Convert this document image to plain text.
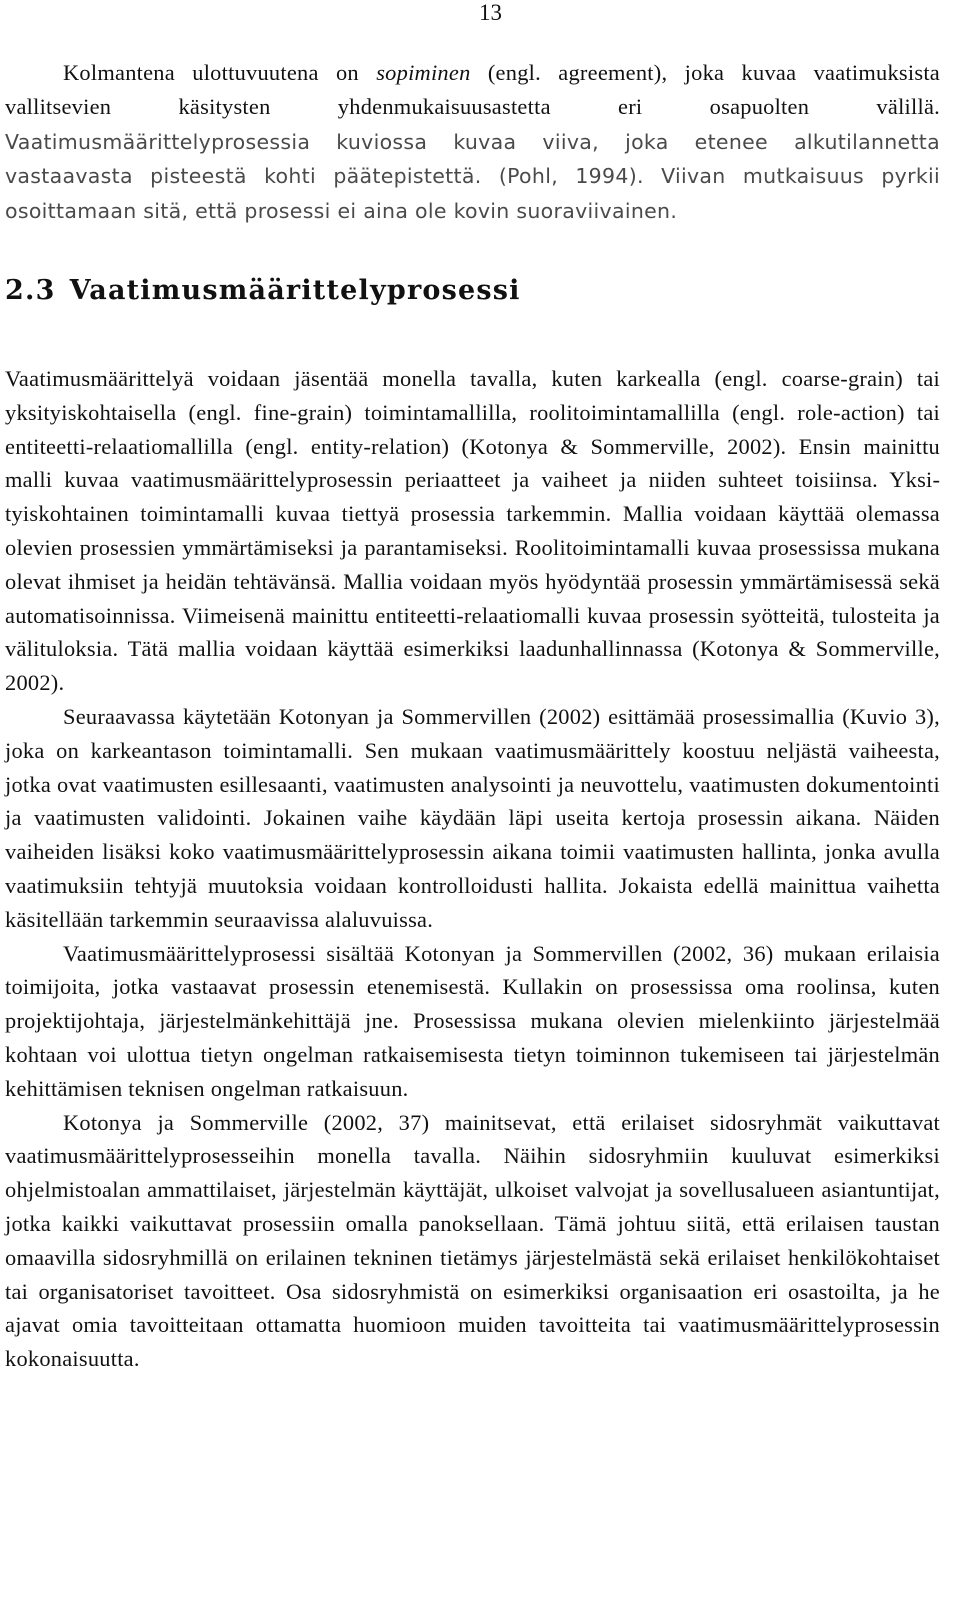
13

Kolmantena ulottuvuutena on sopiminen (engl. agreement), joka kuvaa vaatimuksista vallitsevien käsitysten yhdenmukaisuusastetta eri osapuolten välillä. Vaatimusmäärittelyprosessia kuviossa kuvaa viiva, joka etenee alkutilannetta vastaavasta pisteestä kohti päätepistettä. (Pohl, 1994). Viivan mutkaisuus pyrkii osoittamaan sitä, että prosessi ei aina ole kovin suoraviivainen.

2.3 Vaatimusmäärittelyprosessi

Vaatimusmäärittelyä voidaan jäsentää monella tavalla, kuten karkealla (engl. coarse-grain) tai yksityiskohtaisella (engl. fine-grain) toimintamallilla, roolitoimintamallilla (engl. role-action) tai entiteetti-relaatiomallilla (engl. entity-relation) (Kotonya & Sommerville, 2002). Ensin mainittu malli kuvaa vaatimusmäärittelyprosessin periaatteet ja vaiheet ja niiden suhteet toisiinsa. Yksityiskohtainen toimintamalli kuvaa tiettyä prosessia tarkemmin. Mallia voidaan käyttää olemassa olevien prosessien ymmärtämiseksi ja parantamiseksi. Roolitoimintamalli kuvaa prosessissa mukana olevat ihmiset ja heidän tehtävänsä. Mallia voidaan myös hyödyntää prosessin ymmärtämisessä sekä automatisoinnissa. Viimeisenä mainittu entiteetti-relaatiomalli kuvaa prosessin syötteitä, tulosteita ja välituloksia. Tätä mallia voidaan käyttää esimerkiksi laadunhallinnassa (Kotonya & Sommerville, 2002).

Seuraavassa käytetään Kotonyan ja Sommervillen (2002) esittämää prosessimallia (Kuvio 3), joka on karkeantason toimintamalli. Sen mukaan vaatimusmäärittely koostuu neljästä vaiheesta, jotka ovat vaatimusten esillesaanti, vaatimusten analysointi ja neuvottelu, vaatimusten dokumentointi ja vaatimusten validointi. Jokainen vaihe käydään läpi useita kertoja prosessin aikana. Näiden vaiheiden lisäksi koko vaatimusmäärittelyprosessin aikana toimii vaatimusten hallinta, jonka avulla vaatimuksiin tehtyjä muutoksia voidaan kontrolloidusti hallita. Jokaista edellä mainittua vaihetta käsitellään tarkemmin seuraavissa alaluvuissa.

Vaatimusmäärittelyprosessi sisältää Kotonyan ja Sommervillen (2002, 36) mukaan erilaisia toimijoita, jotka vastaavat prosessin etenemisestä. Kullakin on prosessissa oma roolinsa, kuten projektijohtaja, järjestelmänkehittäjä jne. Prosessissa mukana olevien mielenkiinto järjestelmää kohtaan voi ulottua tietyn ongelman ratkaisemisesta tietyn toiminnon tukemiseen tai järjestelmän kehittämisen teknisen ongelman ratkaisuun.

Kotonya ja Sommerville (2002, 37) mainitsevat, että erilaiset sidosryhmät vaikuttavat vaatimusmäärittelyprosesseihin monella tavalla. Näihin sidosryhmiin kuuluvat esimerkiksi ohjelmistoalan ammattilaiset, järjestelmän käyttäjät, ulkoiset valvojat ja sovellusalueen asiantuntijat, jotka kaikki vaikuttavat prosessiin omalla panoksellaan. Tämä johtuu siitä, että erilaisen taustan omaavilla sidosryhmillä on erilainen tekninen tietämys järjestelmästä sekä erilaiset henkilökohtaiset tai organisatoriset tavoitteet. Osa sidosryhmistä on esimerkiksi organisaation eri osastoilta, ja he ajavat omia tavoitteitaan ottamatta huomioon muiden tavoitteita tai vaatimusmäärittelyprosessin kokonaisuutta.
